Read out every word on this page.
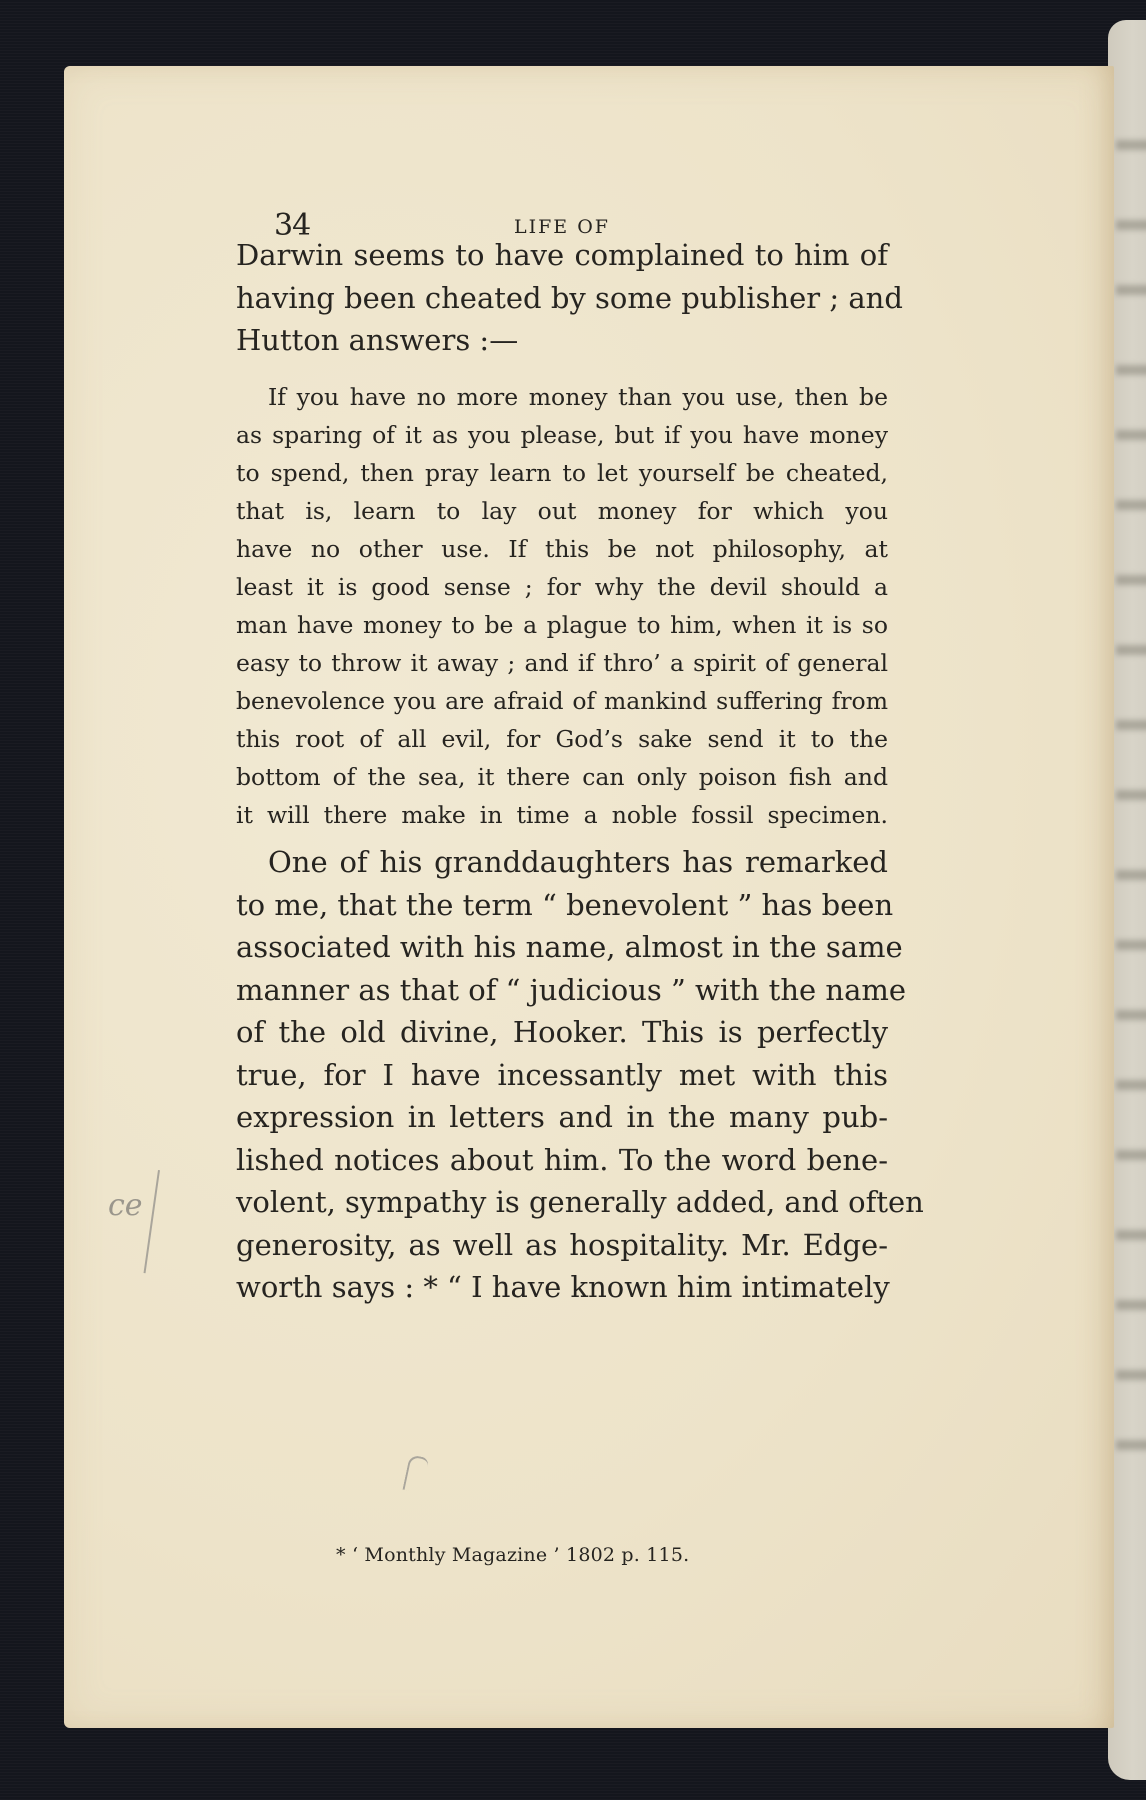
34	LIFE OF
Darwin seems to have complained to him of
having been cheated by some publisher ; and
Hutton answers :—
If you have no more money than you use, then be
as sparing of it as you please, but if you have money
to spend, then pray learn to let yourself be cheated,
that is, learn to lay out money for which you
have no other use. If this be not philosophy, at
least it is good sense ; for why the devil should a
man have money to be a plague to him, when it is so
easy to throw it away ; and if thro’ a spirit of general
benevolence you are afraid of mankind suffering from
this root of all evil, for God’s sake send it to the
bottom of the sea, it there can only poison fish and
it will there make in time a noble fossil specimen.
One of his granddaughters has remarked
to me, that the term “ benevolent ” has been
associated with his name, almost in the same
manner as that of “ judicious ” with the name
of the old divine, Hooker. This is perfectly
true, for I have incessantly met with this
expression in letters and in the many pub-
lished notices about him. To the word bene-
volent, sympathy is generally added, and often
generosity, as well as hospitality. Mr. Edge-
worth says : * “ I have known him intimately
* ‘ Monthly Magazine ’ 1802 p. 115.
ce
